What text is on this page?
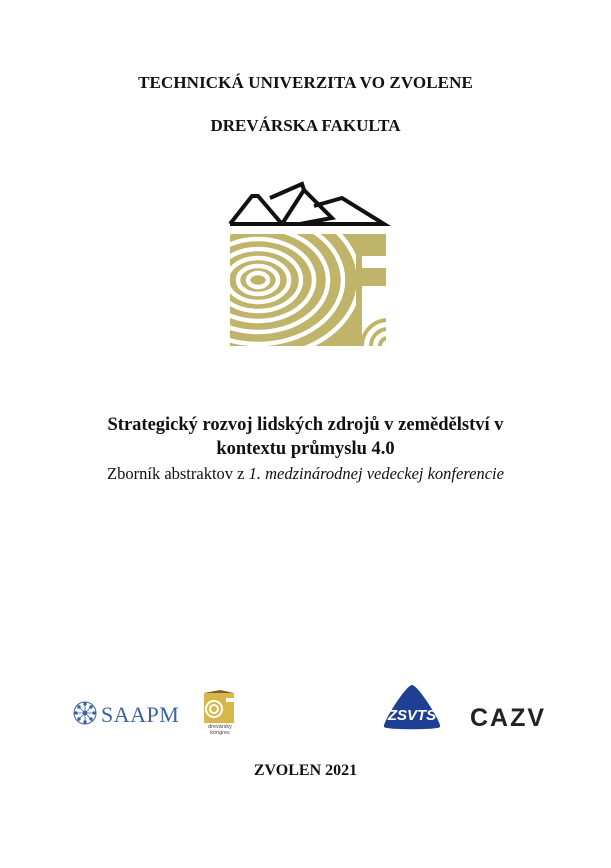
TECHNICKÁ UNIVERZITA VO ZVOLENE
DREVÁRSKA FAKULTA
Strategický rozvoj lidských zdrojů v zemědělství v
kontextu průmyslu 4.0
Zborník abstraktov z 1. medzinárodnej vedeckej konferencie
SAAPM	drevársky
kongres
ZSVTS CAZV
ZVOLEN 2021
